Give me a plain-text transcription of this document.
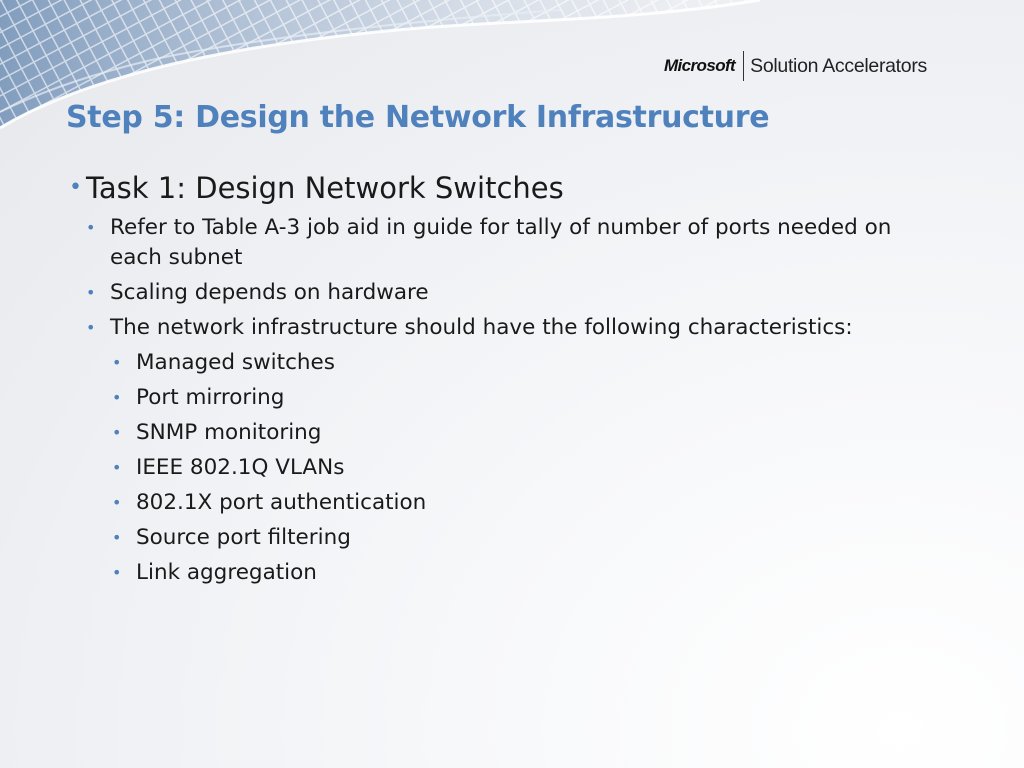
Microsoft Solution Accelerators
Step 5: Design the Network Infrastructure
• Task 1: Design Network Switches
• Refer to Table A-3 job aid in guide for tally of number of ports needed on each subnet
• Scaling depends on hardware
• The network infrastructure should have the following characteristics:
• Managed switches
• Port mirroring
• SNMP monitoring
• IEEE 802.1Q VLANs
• 802.1X port authentication
• Source port filtering
• Link aggregation
